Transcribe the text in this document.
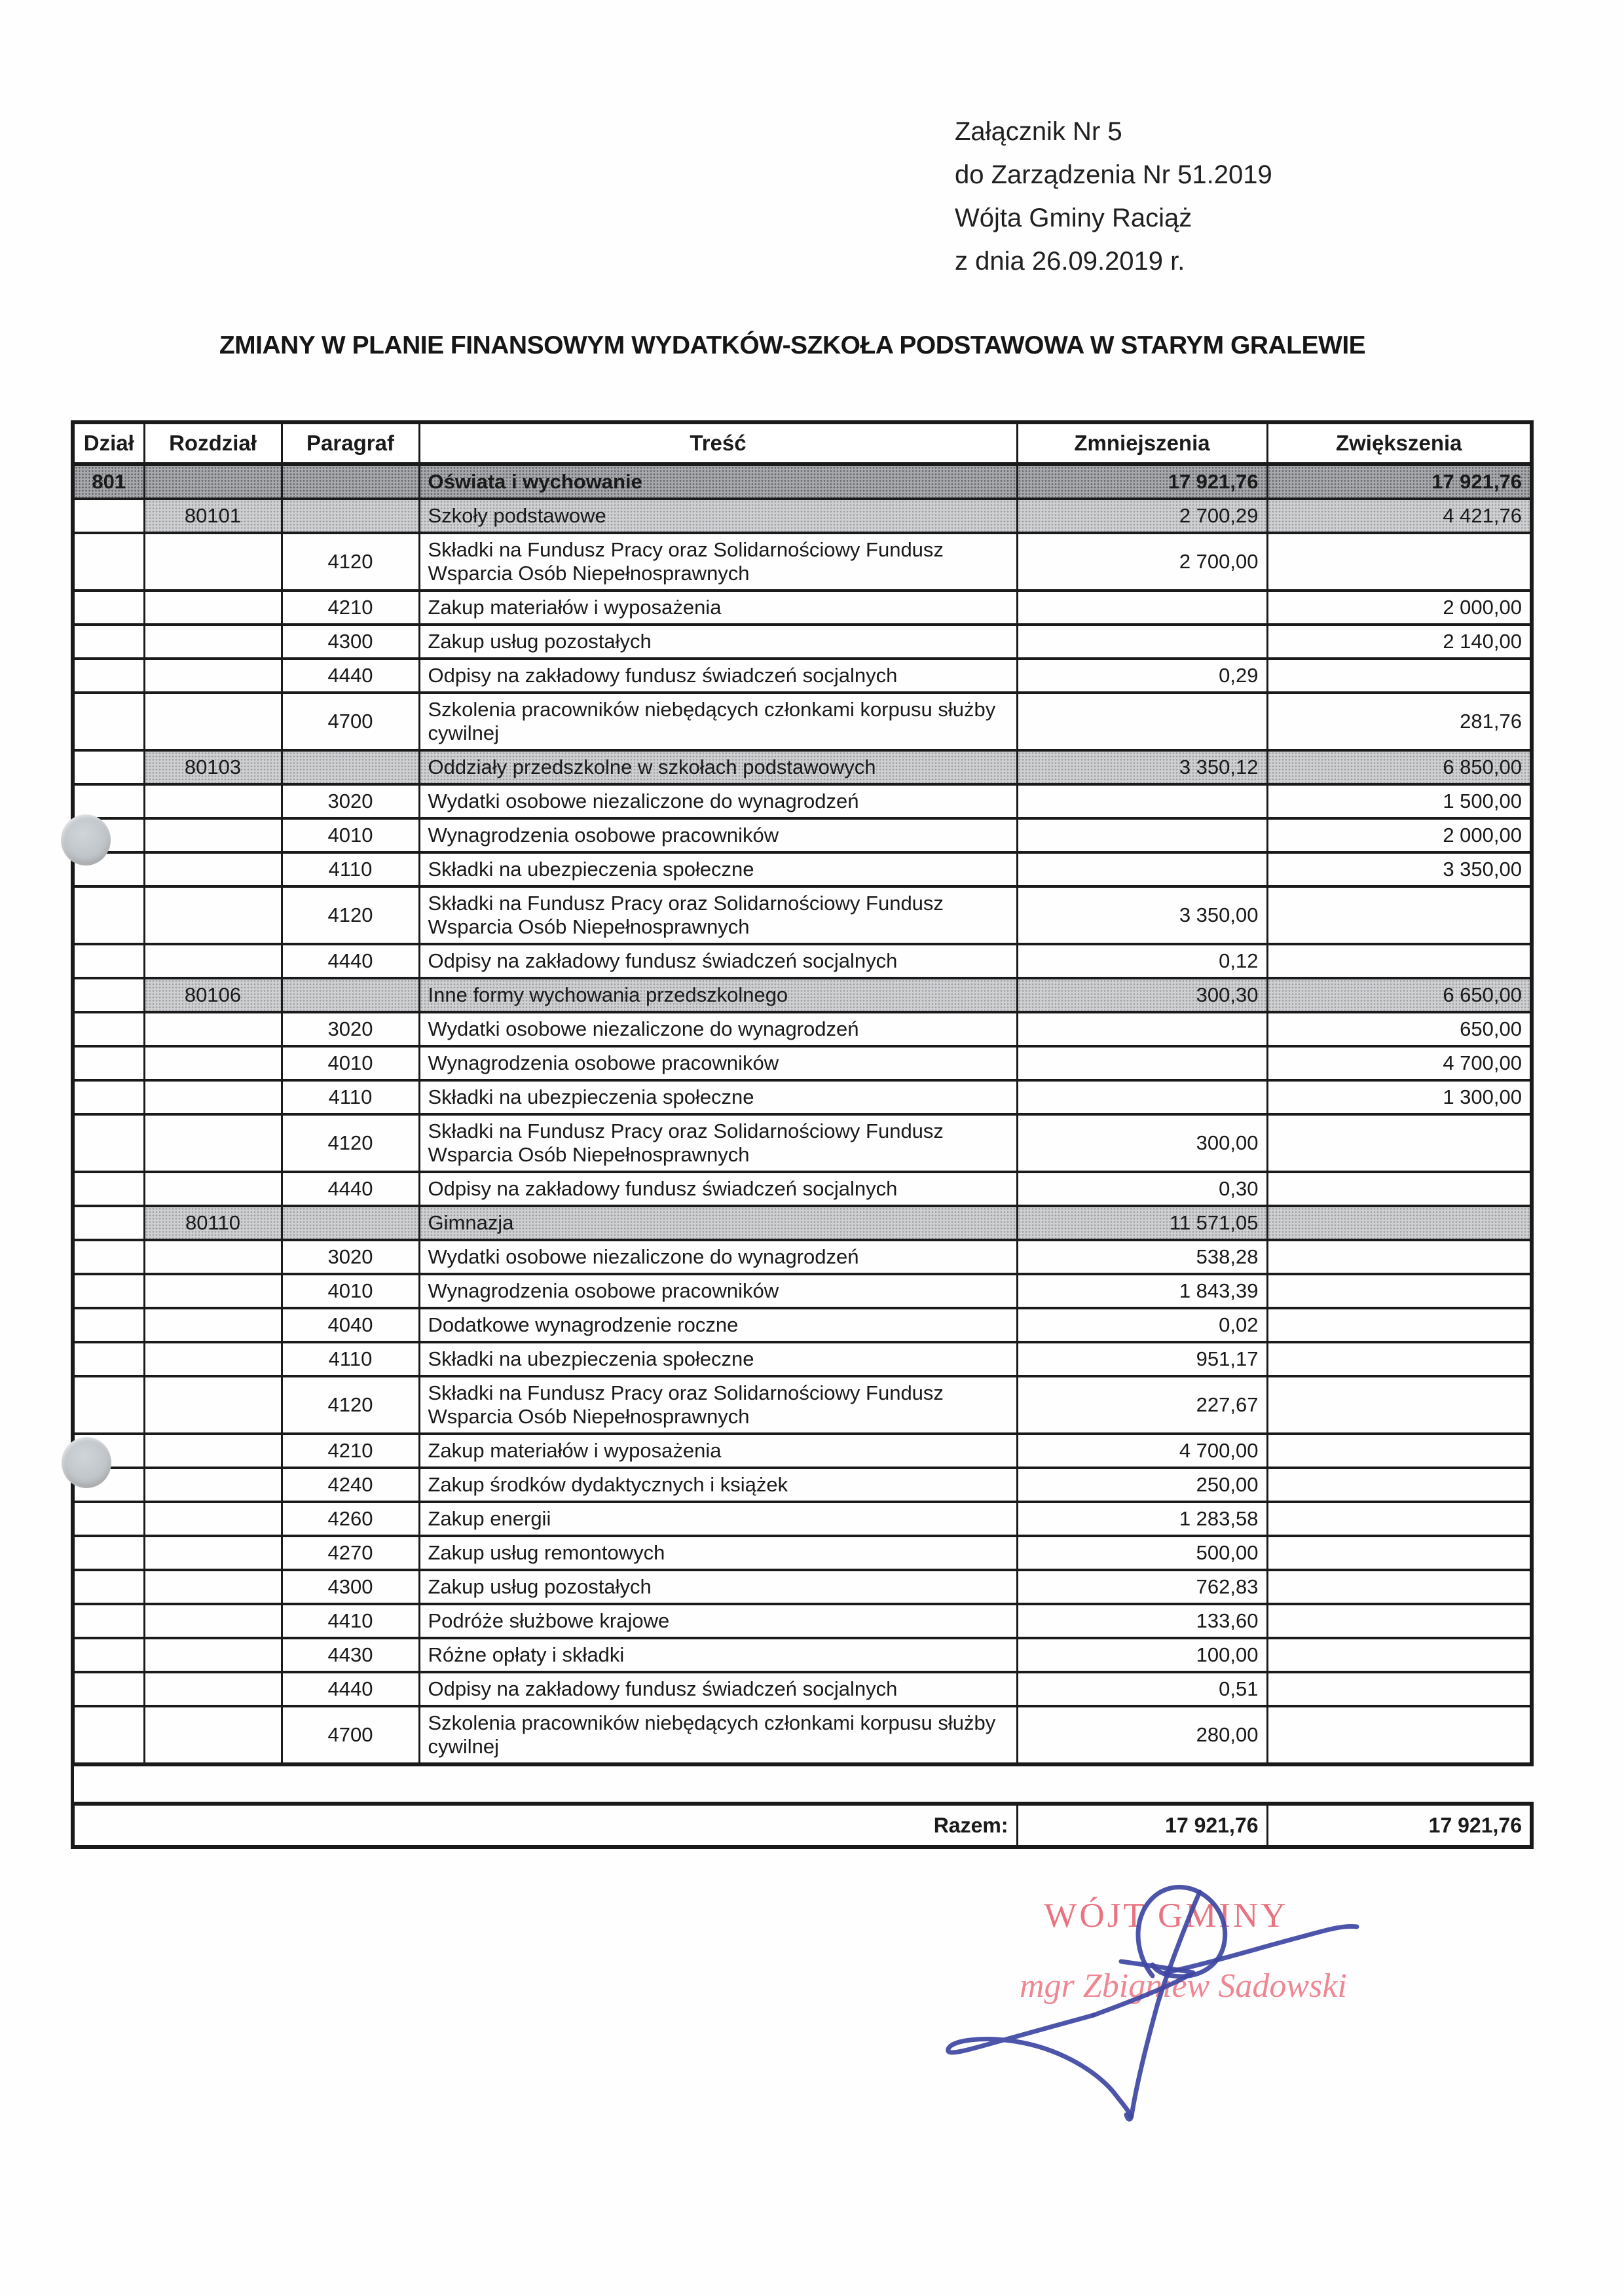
Załącznik Nr 5
do Zarządzenia Nr 51.2019
Wójta Gminy Raciąż
z dnia 26.09.2019 r.
ZMIANY W PLANIE FINANSOWYM WYDATKÓW-SZKOŁA PODSTAWOWA W STARYM GRALEWIE
Dział	Rozdział	Paragraf	Treść	Zmniejszenia	Zwiększenia
801			Oświata i wychowanie	17 921,76	17 921,76
	80101		Szkoły podstawowe	2 700,29	4 421,76
		4120	Składki na Fundusz Pracy oraz Solidarnościowy Fundusz Wsparcia Osób Niepełnosprawnych	2 700,00	
		4210	Zakup materiałów i wyposażenia		2 000,00
		4300	Zakup usług pozostałych		2 140,00
		4440	Odpisy na zakładowy fundusz świadczeń socjalnych	0,29	
		4700	Szkolenia pracowników niebędących członkami korpusu służby cywilnej		281,76
	80103		Oddziały przedszkolne w szkołach podstawowych	3 350,12	6 850,00
		3020	Wydatki osobowe niezaliczone do wynagrodzeń		1 500,00
		4010	Wynagrodzenia osobowe pracowników		2 000,00
		4110	Składki na ubezpieczenia społeczne		3 350,00
		4120	Składki na Fundusz Pracy oraz Solidarnościowy Fundusz Wsparcia Osób Niepełnosprawnych	3 350,00	
		4440	Odpisy na zakładowy fundusz świadczeń socjalnych	0,12	
	80106		Inne formy wychowania przedszkolnego	300,30	6 650,00
		3020	Wydatki osobowe niezaliczone do wynagrodzeń		650,00
		4010	Wynagrodzenia osobowe pracowników		4 700,00
		4110	Składki na ubezpieczenia społeczne		1 300,00
		4120	Składki na Fundusz Pracy oraz Solidarnościowy Fundusz Wsparcia Osób Niepełnosprawnych	300,00	
		4440	Odpisy na zakładowy fundusz świadczeń socjalnych	0,30	
	80110		Gimnazja	11 571,05	
		3020	Wydatki osobowe niezaliczone do wynagrodzeń	538,28	
		4010	Wynagrodzenia osobowe pracowników	1 843,39	
		4040	Dodatkowe wynagrodzenie roczne	0,02	
		4110	Składki na ubezpieczenia społeczne	951,17	
		4120	Składki na Fundusz Pracy oraz Solidarnościowy Fundusz Wsparcia Osób Niepełnosprawnych	227,67	
		4210	Zakup materiałów i wyposażenia	4 700,00	
		4240	Zakup środków dydaktycznych i książek	250,00	
		4260	Zakup energii	1 283,58	
		4270	Zakup usług remontowych	500,00	
		4300	Zakup usług pozostałych	762,83	
		4410	Podróże służbowe krajowe	133,60	
		4430	Różne opłaty i składki	100,00	
		4440	Odpisy na zakładowy fundusz świadczeń socjalnych	0,51	
		4700	Szkolenia pracowników niebędących członkami korpusu służby cywilnej	280,00	
Razem:	17 921,76	17 921,76
WÓJT GMINY
mgr Zbigniew Sadowski
